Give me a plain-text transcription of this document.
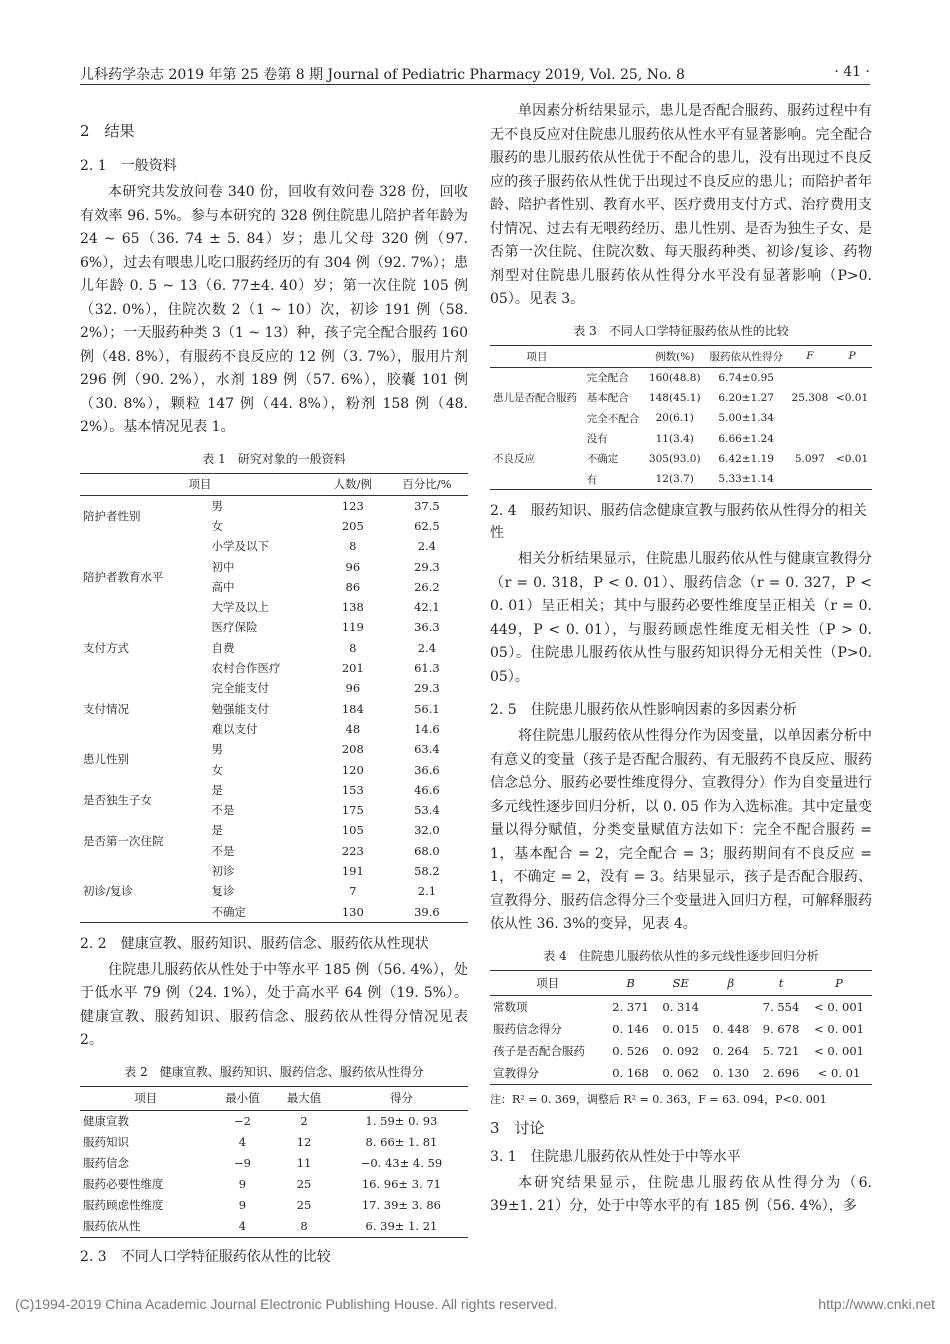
儿科药学杂志 2019 年第 25 卷第 8 期 Journal of Pediatric Pharmacy 2019, Vol. 25, No. 8	· 41 ·
2　结果
2. 1　一般资料

本研究共发放问卷 340 份，回收有效问卷 328 份，回收有效率 96. 5%。参与本研究的 328 例住院患儿陪护者年龄为 24 ~ 65（36. 74 ± 5. 84）岁；患儿父母 320 例（97. 6%），过去有喂患儿吃口服药经历的有 304 例（92. 7%）；患儿年龄 0. 5 ~ 13（6. 77±4. 40）岁；第一次住院 105 例（32. 0%），住院次数 2（1 ~ 10）次，初诊 191 例（58. 2%）；一天服药种类 3（1 ~ 13）种，孩子完全配合服药 160 例（48. 8%），有服药不良反应的 12 例（3. 7%），服用片剂 296 例（90. 2%），水剂 189 例（57. 6%），胶囊 101 例（30. 8%），颗粒 147 例（44. 8%），粉剂 158 例（48. 2%）。基本情况见表 1。

表 1　研究对象的一般资料
项目		人数/例	百分比/%
陪护者性别	男	123	37.5
	女	205	62.5
陪护者教育水平	小学及以下	8	2.4
	初中	96	29.3
	高中	86	26.2
	大学及以上	138	42.1
支付方式	医疗保险	119	36.3
	自费	8	2.4
	农村合作医疗	201	61.3
支付情况	完全能支付	96	29.3
	勉强能支付	184	56.1
	难以支付	48	14.6
患儿性别	男	208	63.4
	女	120	36.6
是否独生子女	是	153	46.6
	不是	175	53.4
是否第一次住院	是	105	32.0
	不是	223	68.0
初诊/复诊	初诊	191	58.2
	复诊	7	2.1
	不确定	130	39.6
2. 2　健康宣教、服药知识、服药信念、服药依从性现状

住院患儿服药依从性处于中等水平 185 例（56. 4%），处于低水平 79 例（24. 1%），处于高水平 64 例（19. 5%）。健康宣教、服药知识、服药信念、服药依从性得分情况见表 2。

表 2　健康宣教、服药知识、服药信念、服药依从性得分
项目	最小值	最大值	得分
健康宣教	−2	2	1. 59± 0. 93
服药知识	4	12	8. 66± 1. 81
服药信念	−9	11	−0. 43± 4. 59
服药必要性维度	9	25	16. 96± 3. 71
服药顾虑性维度	9	25	17. 39± 3. 86
服药依从性	4	8	6. 39± 1. 21
2. 3　不同人口学特征服药依从性的比较

单因素分析结果显示，患儿是否配合服药、服药过程中有无不良反应对住院患儿服药依从性水平有显著影响。完全配合服药的患儿服药依从性优于不配合的患儿，没有出现过不良反应的孩子服药依从性优于出现过不良反应的患儿；而陪护者年龄、陪护者性别、教育水平、医疗费用支付方式、治疗费用支付情况、过去有无喂药经历、患儿性别、是否为独生子女、是否第一次住院、住院次数、每天服药种类、初诊/复诊、药物剂型对住院患儿服药依从性得分水平没有显著影响（P>0. 05）。见表 3。

表 3　不同人口学特征服药依从性的比较
项目		例数(%)	服药依从性得分	F	P
患儿是否配合服药	完全配合	160(48.8)	6.74±0.95	25.308	<0.01
	基本配合	148(45.1)	6.20±1.27		
	完全不配合	20(6.1)	5.00±1.34		
不良反应	没有	11(3.4)	6.66±1.24	5.097	<0.01
	不确定	305(93.0)	6.42±1.19		
	有	12(3.7)	5.33±1.14		
2. 4　服药知识、服药信念健康宣教与服药依从性得分的相关性

相关分析结果显示，住院患儿服药依从性与健康宣教得分（r = 0. 318，P < 0. 01）、服药信念（r = 0. 327，P < 0. 01）呈正相关；其中与服药必要性维度呈正相关（r = 0. 449，P < 0. 01），与服药顾虑性维度无相关性（P > 0. 05）。住院患儿服药依从性与服药知识得分无相关性（P>0. 05）。

2. 5　住院患儿服药依从性影响因素的多因素分析

将住院患儿服药依从性得分作为因变量，以单因素分析中有意义的变量（孩子是否配合服药、有无服药不良反应、服药信念总分、服药必要性维度得分、宣教得分）作为自变量进行多元线性逐步回归分析，以 0. 05 作为入选标准。其中定量变量以得分赋值，分类变量赋值方法如下：完全不配合服药 = 1，基本配合 = 2，完全配合 = 3；服药期间有不良反应 = 1，不确定 = 2，没有 = 3。结果显示，孩子是否配合服药、宣教得分、服药信念得分三个变量进入回归方程，可解释服药依从性 36. 3%的变异，见表 4。

表 4　住院患儿服药依从性的多元线性逐步回归分析
项目	B	SE	β	t	P
常数项	2. 371	0. 314		7. 554	< 0. 001
服药信念得分	0. 146	0. 015	0. 448	9. 678	< 0. 001
孩子是否配合服药	0. 526	0. 092	0. 264	5. 721	< 0. 001
宣教得分	0. 168	0. 062	0. 130	2. 696	< 0. 01
注：R² = 0. 369，调整后 R² = 0. 363，F = 63. 094，P<0. 001
3　讨论
3. 1　住院患儿服药依从性处于中等水平

本研究结果显示，住院患儿服药依从性得分为（6. 39±1. 21）分，处于中等水平的有 185 例（56. 4%），多

(C)1994-2019 China Academic Journal Electronic Publishing House. All rights reserved.	http://www.cnki.net
